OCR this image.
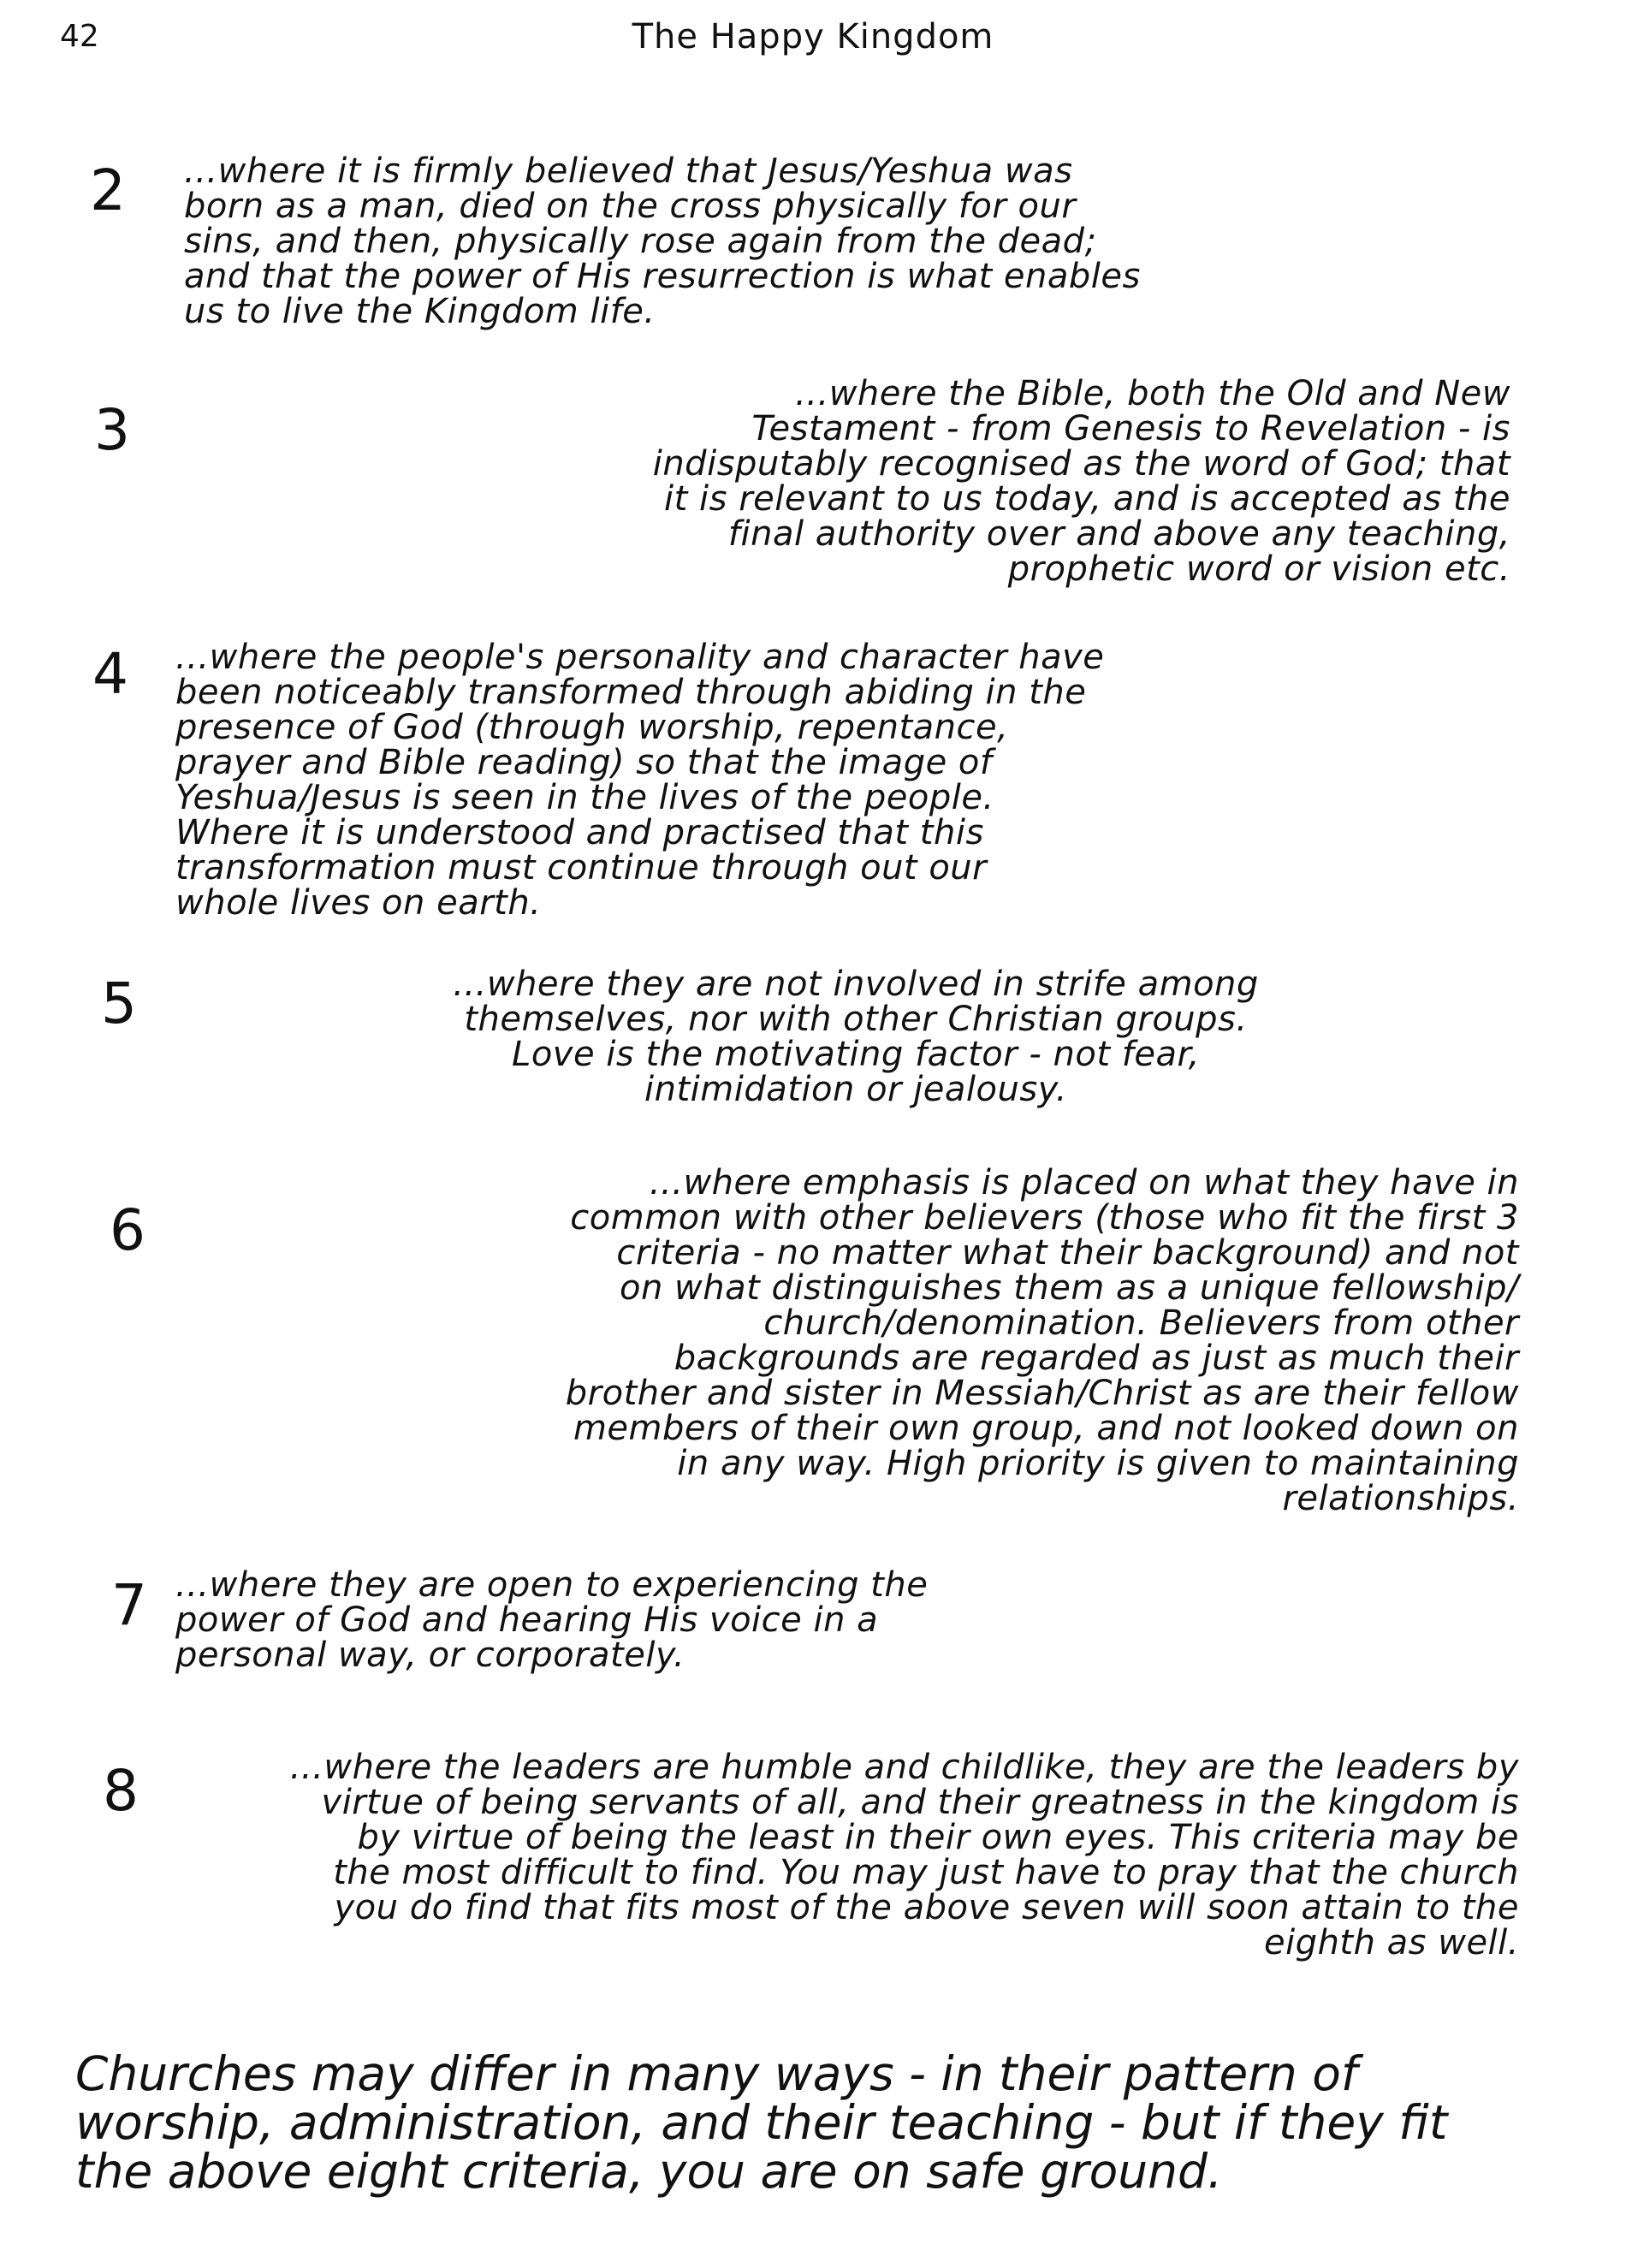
42	The Happy Kingdom
2 ...where it is firmly believed that Jesus/Yeshua was
born as a man, died on the cross physically for our
sins, and then, physically rose again from the dead;
and that the power of His resurrection is what enables
us to live the Kingdom life.
3
...where the Bible, both the Old and New
Testament - from Genesis to Revelation - is
indisputably recognised as the word of God; that
it is relevant to us today, and is accepted as the
final authority over and above any teaching,
prophetic word or vision etc.
4 ...where the people's personality and character have
been noticeably transformed through abiding in the
presence of God (through worship, repentance,
prayer and Bible reading) so that the image of
Yeshua/Jesus is seen in the lives of the people.
Where it is understood and practised that this
transformation must continue through out our
whole lives on earth.
5	...where they are not involved in strife among
themselves, nor with other Christian groups.
Love is the motivating factor - not fear,
intimidation or jealousy.
6
...where emphasis is placed on what they have in
common with other believers (those who fit the first 3
criteria - no matter what their background) and not
on what distinguishes them as a unique fellowship/
church/denomination. Believers from other
backgrounds are regarded as just as much their
brother and sister in Messiah/Christ as are their fellow
members of their own group, and not looked down on
in any way. High priority is given to maintaining
relationships.
7 ...where they are open to experiencing the
power of God and hearing His voice in a
personal way, or corporately.
8	...where the leaders are humble and childlike, they are the leaders by
virtue of being servants of all, and their greatness in the kingdom is
by virtue of being the least in their own eyes. This criteria may be
the most difficult to find. You may just have to pray that the church
you do find that fits most of the above seven will soon attain to the
eighth as well.
Churches may differ in many ways - in their pattern of
worship, administration, and their teaching - but if they fit
the above eight criteria, you are on safe ground.
